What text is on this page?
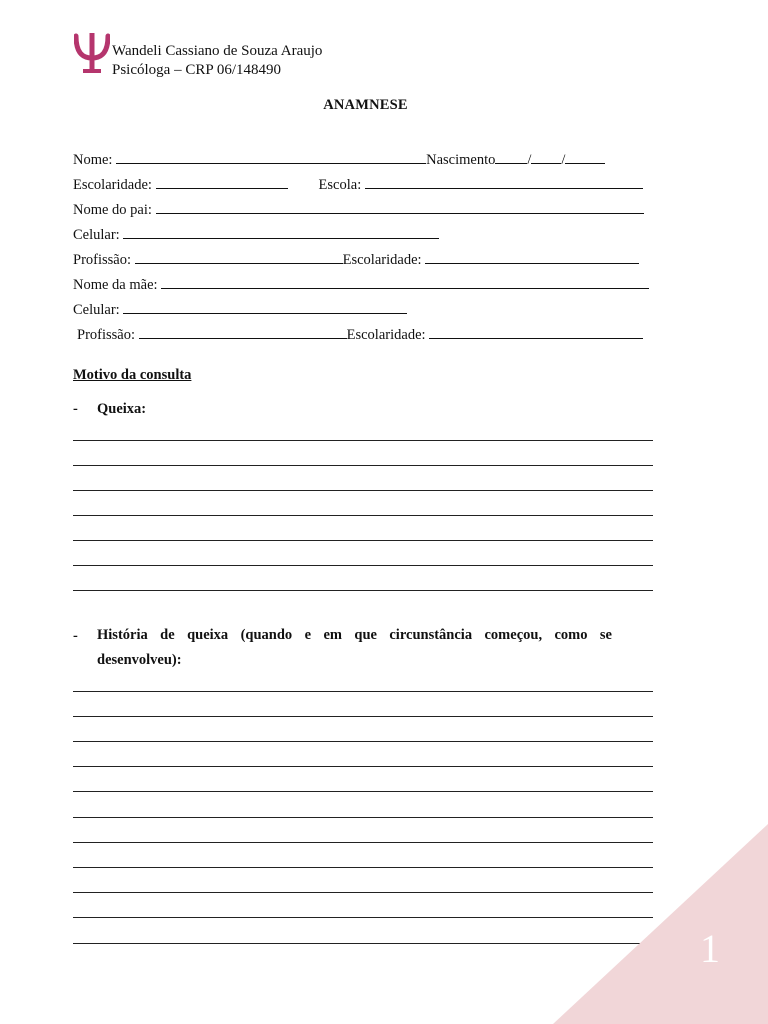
Wandeli Cassiano de Souza Araujo
Psicóloga – CRP 06/148490
ANAMNESE
Nome:	Nascimento / /
Escolaridade:	Escola:
Nome do pai:
Celular:
Profissão:	Escolaridade:
Nome da mãe:
Celular:
Profissão:	Escolaridade:
Motivo da consulta
- Queixa:
- História de queixa (quando e em que circunstância começou, como se
desenvolveu):
1
